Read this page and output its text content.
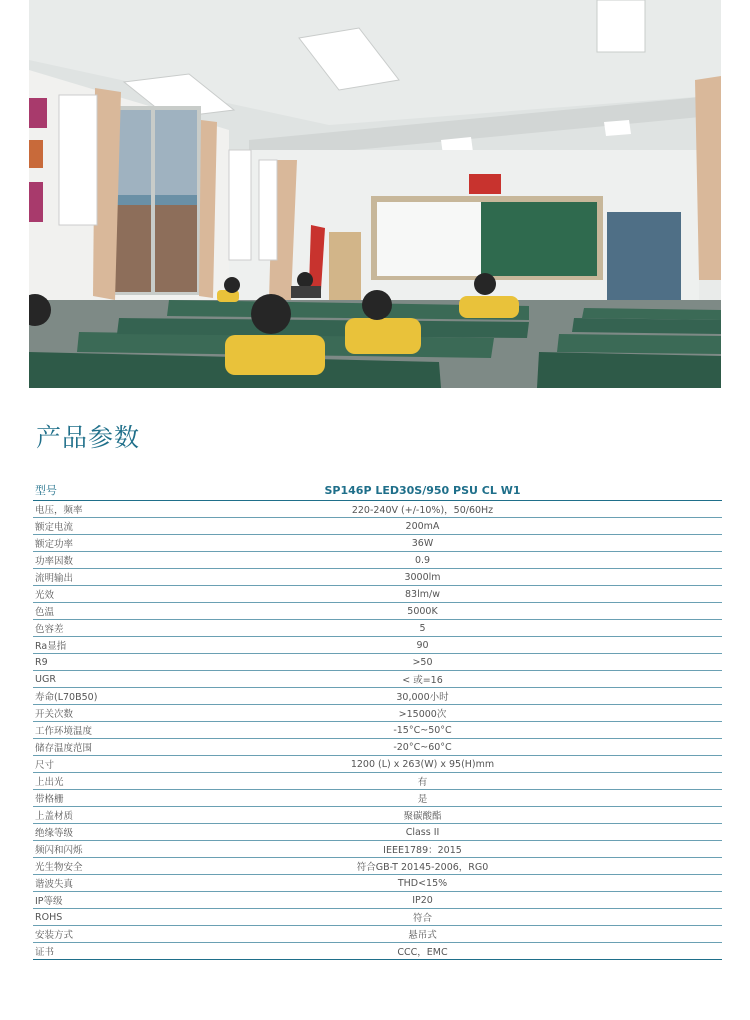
产品参数
型号	SP146P LED30S/950 PSU CL W1
电压，频率	220-240V (+/-10%)，50/60Hz
额定电流	200mA
额定功率	36W
功率因数	0.9
流明输出	3000lm
光效	83lm/w
色温	5000K
色容差	5
Ra显指	90
R9	>50
UGR	< 或=16
寿命(L70B50)	30,000小时
开关次数	>15000次
工作环境温度	-15°C~50°C
储存温度范围	-20°C~60°C
尺寸	1200 (L) x 263(W) x 95(H)mm
上出光	有
带格栅	是
上盖材质	聚碳酸酯
绝缘等级	Class II
频闪和闪烁	IEEE1789：2015
光生物安全	符合GB-T 20145-2006，RG0
谐波失真	THD<15%
IP等级	IP20
ROHS	符合
安装方式	悬吊式
证书	CCC，EMC
